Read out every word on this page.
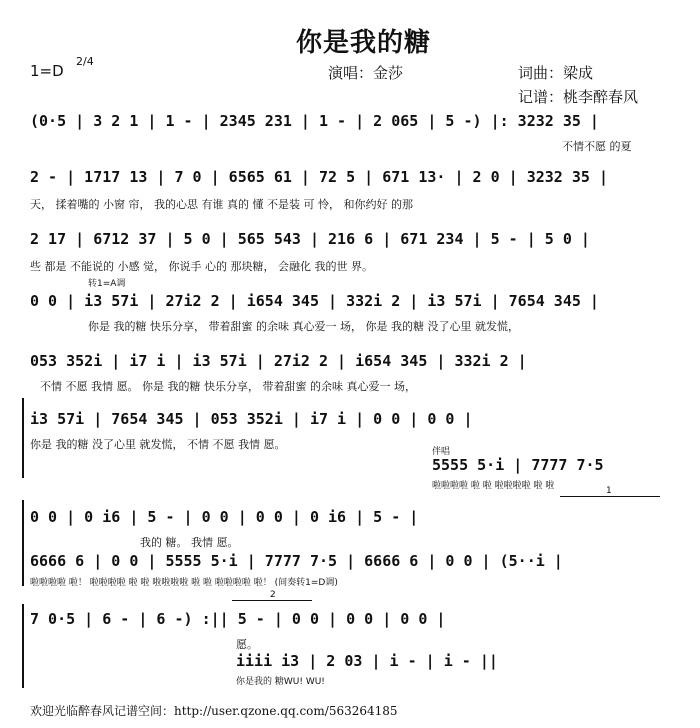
你是我的糖
1=D
2/4
演唱：金莎	词曲：梁成
记谱：桃李醉春风
(0·5 | 3 2 1 | 1 - | 2345 231 | 1 - | 2 065 | 5 -) |: 3232 35 |
不情不愿 的夏
2 - | 1717 13 | 7 0 | 6565 61 | 72 5 | 671 13· | 2 0 | 3232 35 |
天， 揉着嘴的 小窗 帘， 我的心思 有谁 真的 懂 不是装 可 怜， 和你约好 的那
2 17 | 6712 37 | 5 0 | 565 543 | 216 6 | 671 234 | 5 - | 5 0 |
些 都是 不能说的 小感 觉， 你说手 心的 那块糖， 会融化 我的世 界。
转1=A调
0 0 | i3 57i | 27i2 2 | i654 345 | 332i 2 | i3 57i | 7654 345 |
你是 我的糖 快乐分享， 带着甜蜜 的余味 真心爱一 场， 你是 我的糖 没了心里 就发慌，
053 352i | i7 i | i3 57i | 27i2 2 | i654 345 | 332i 2 |
不情 不愿 我情 愿。 你是 我的糖 快乐分享， 带着甜蜜 的余味 真心爱一 场，
i3 57i | 7654 345 | 053 352i | i7 i | 0 0 | 0 0 |
你是 我的糖 没了心里 就发慌， 不情 不愿 我情 愿。
伴唱
5555 5·i | 7777 7·5
啦啦啦啦 啦 啦 啦啦啦啦 啦 啦	1
0 0 | 0 i6 | 5 - | 0 0 | 0 0 | 0 i6 | 5 - |
我的 糖。 我情 愿。
6666 6 | 0 0 | 5555 5·i | 7777 7·5 | 6666 6 | 0 0 | (5··i |
啦啦啦啦 啦！ 啦啦啦啦 啦 啦 啦啦啦啦 啦 啦 啦啦啦啦 啦！ (间奏转1=D调)
2
7 0·5 | 6 - | 6 -) :|| 5 - | 0 0 | 0 0 | 0 0 |
愿。
iiii i3 | 2 03 | i - | i - ||
你是我的 糖WU! WU!
欢迎光临醉春风记谱空间：http://user.qzone.qq.com/563264185
